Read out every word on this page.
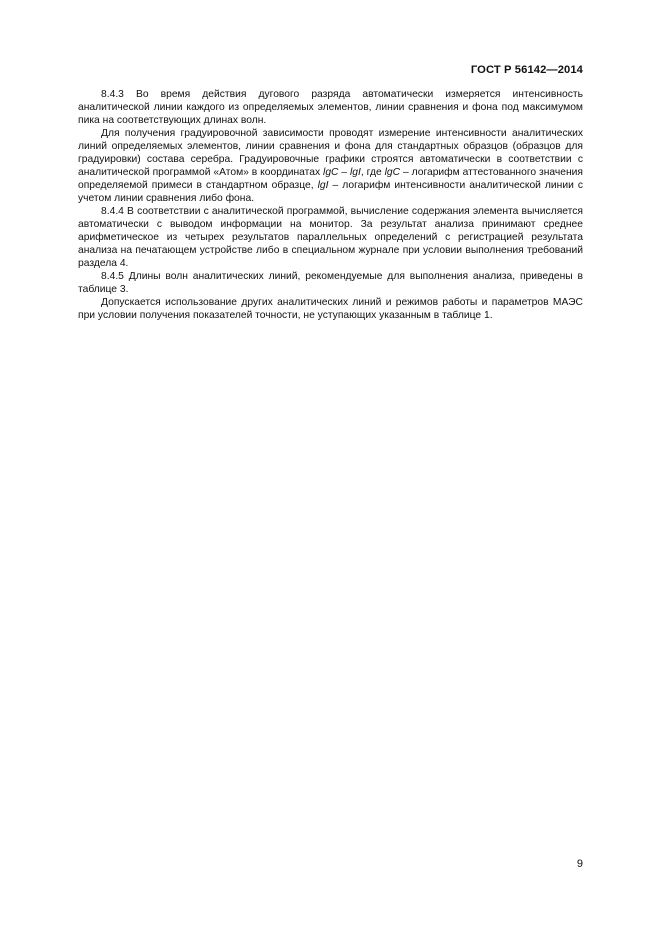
ГОСТ Р 56142—2014

8.4.3 Во время действия дугового разряда автоматически измеряется интенсивность аналитической линии каждого из определяемых элементов, линии сравнения и фона под максимумом пика на соответствующих длинах волн.

Для получения градуировочной зависимости проводят измерение интенсивности аналитических линий определяемых элементов, линии сравнения и фона для стандартных образцов (образцов для градуировки) состава серебра. Градуировочные графики строятся автоматически в соответствии с аналитической программой «Атом» в координатах lgC – lgI, где lgC – логарифм аттестованного значения определяемой примеси в стандартном образце, lgI – логарифм интенсивности аналитической линии с учетом линии сравнения либо фона.

8.4.4 В соответствии с аналитической программой, вычисление содержания элемента вычисляется автоматически с выводом информации на монитор. За результат анализа принимают среднее арифметическое из четырех результатов параллельных определений с регистрацией результата анализа на печатающем устройстве либо в специальном журнале при условии выполнения требований раздела 4.

8.4.5 Длины волн аналитических линий, рекомендуемые для выполнения анализа, приведены в таблице 3.

Допускается использование других аналитических линий и режимов работы и параметров МАЭС при условии получения показателей точности, не уступающих указанным в таблице 1.

9
